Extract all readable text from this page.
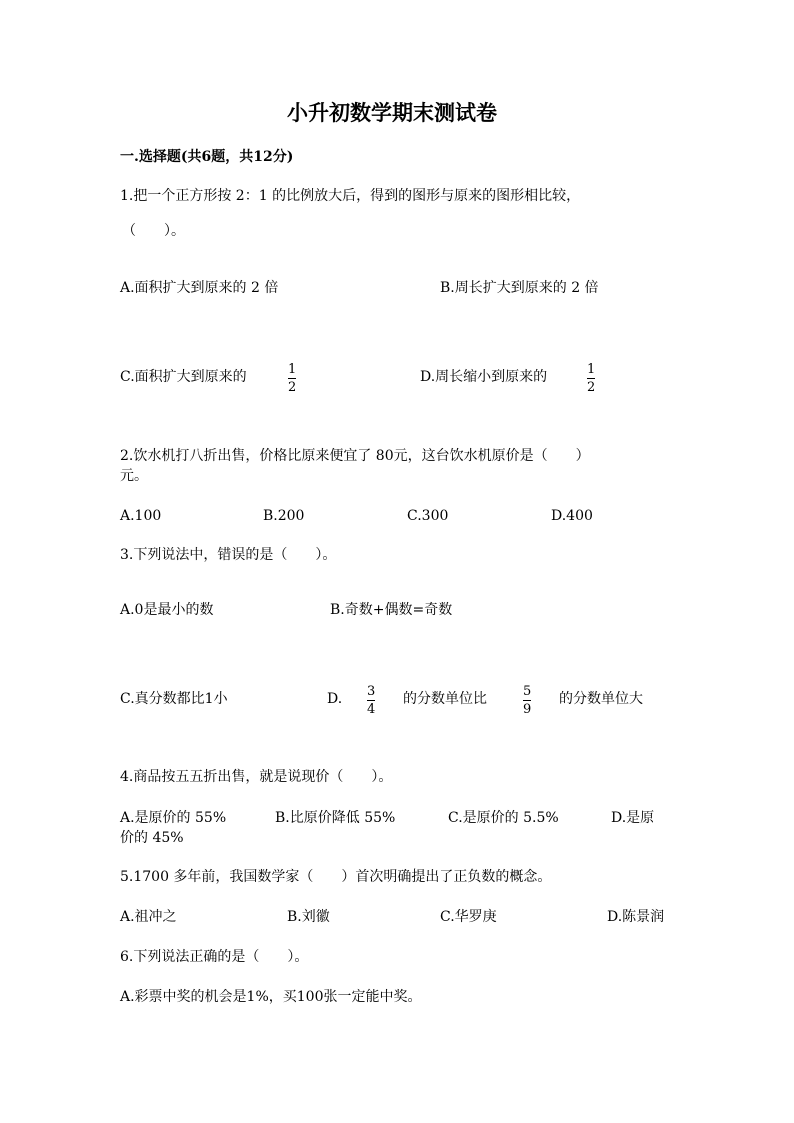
小升初数学期末测试卷
一.选择题(共6题，共12分)
1.把一个正方形按 2：1 的比例放大后，得到的图形与原来的图形相比较，
（　　）。
A.面积扩大到原来的 2 倍	B.周长扩大到原来的 2 倍
C.面积扩大到原来的	1
2
D.周长缩小到原来的	1
2
2.饮水机打八折出售，价格比原来便宜了 80元，这台饮水机原价是（　　）
元。
A.100	B.200	C.300	D.400
3.下列说法中，错误的是（　　）。
A.0是最小的数	B.奇数+偶数=奇数
C.真分数都比1小	D. 3
4
的分数单位比	5
9
的分数单位大
4.商品按五五折出售，就是说现价（　　）。
A.是原价的 55%	B.比原价降低 55%	C.是原价的 5.5%	D.是原
价的 45%
5.1700 多年前，我国数学家（　　）首次明确提出了正负数的概念。
A.祖冲之	B.刘徽	C.华罗庚	D.陈景润
6.下列说法正确的是（　　）。
A.彩票中奖的机会是1%，买100张一定能中奖。
